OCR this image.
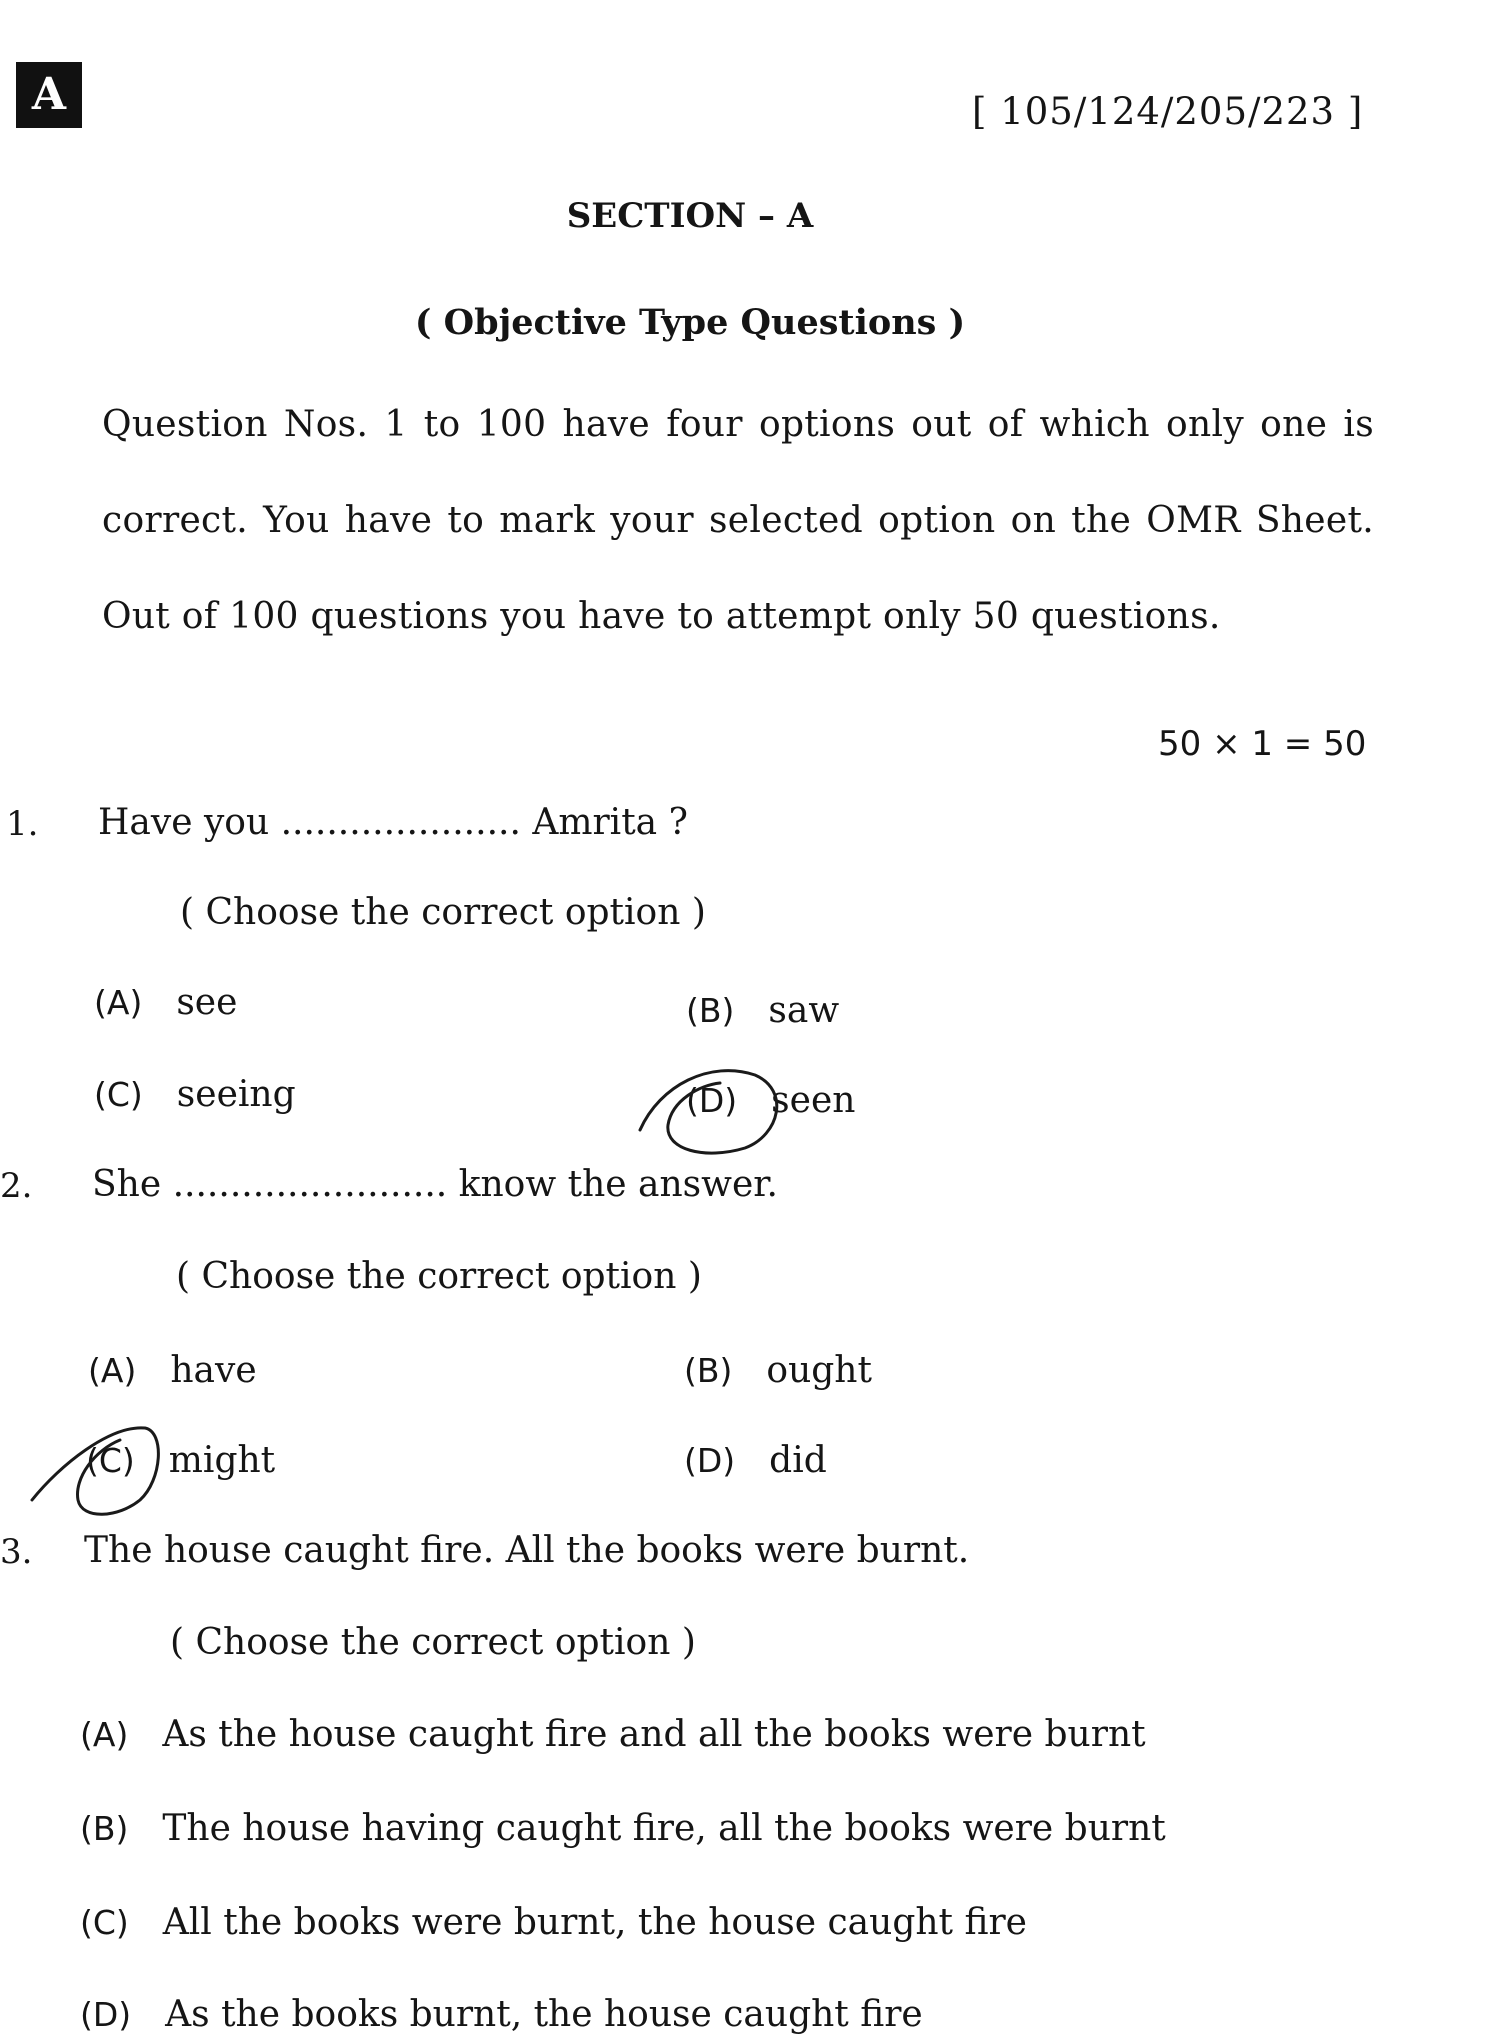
A	[ 105/124/205/223 ]
SECTION – A
( Objective Type Questions )
Question Nos. 1 to 100 have four options out of which only one is
correct. You have to mark your selected option on the OMR Sheet.
Out of 100 questions you have to attempt only 50 questions.
50 × 1 = 50
1. Have you ..................... Amrita ?
( Choose the correct option )
(A) see	(B) saw
(C) seeing	(D) seen
2. She ........................ know the answer.
( Choose the correct option )
(A) have	(B) ought
(C) might	(D) did
3. The house caught fire. All the books were burnt.
( Choose the correct option )
(A) As the house caught fire and all the books were burnt
(B) The house having caught fire, all the books were burnt
(C) All the books were burnt, the house caught fire
(D) As the books burnt, the house caught fire
